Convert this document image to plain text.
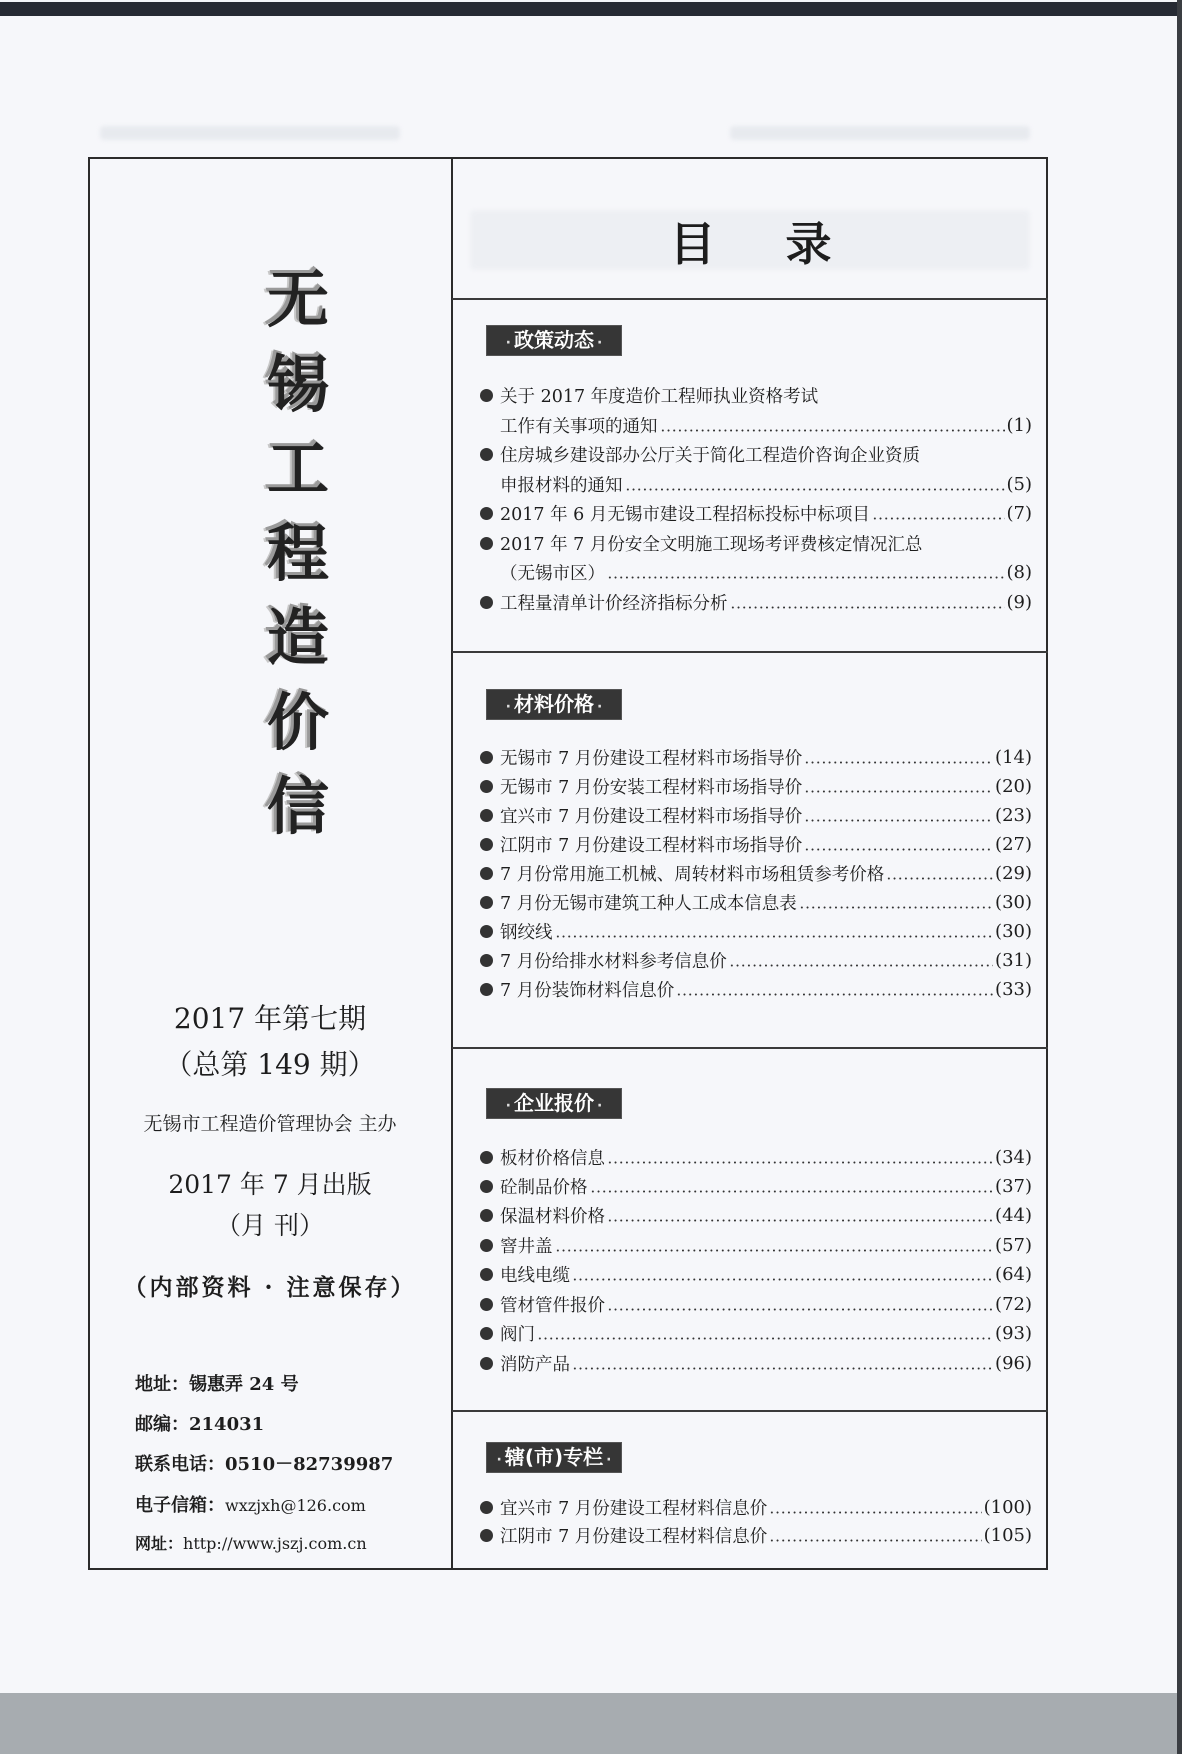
无
锡
工
程
造
价
信
2017 年第七期
（总第 149 期）
无锡市工程造价管理协会 主办
2017 年 7 月出版
（月 刊）
（内部资料 · 注意保存）
地址：锡惠弄 24 号
邮编：214031
联系电话：0510－82739987
电子信箱：wxzjxh@126.com
网址：http://www.jszj.com.cn
目录
· 政策动态 ·
关于 2017 年度造价工程师执业资格考试
工作有关事项的通知	(1)
住房城乡建设部办公厅关于简化工程造价咨询企业资质
申报材料的通知	(5)
2017 年 6 月无锡市建设工程招标投标中标项目	(7)
2017 年 7 月份安全文明施工现场考评费核定情况汇总
（无锡市区）	(8)
工程量清单计价经济指标分析	(9)
· 材料价格 ·
无锡市 7 月份建设工程材料市场指导价	(14)
无锡市 7 月份安装工程材料市场指导价	(20)
宜兴市 7 月份建设工程材料市场指导价	(23)
江阴市 7 月份建设工程材料市场指导价	(27)
7 月份常用施工机械、周转材料市场租赁参考价格	(29)
7 月份无锡市建筑工种人工成本信息表	(30)
钢绞线	(30)
7 月份给排水材料参考信息价	(31)
7 月份装饰材料信息价	(33)
· 企业报价 ·
板材价格信息	(34)
砼制品价格	(37)
保温材料价格	(44)
窨井盖	(57)
电线电缆	(64)
管材管件报价	(72)
阀门	(93)
消防产品	(96)
· 辖(市)专栏 ·
宜兴市 7 月份建设工程材料信息价	(100)
江阴市 7 月份建设工程材料信息价	(105)
